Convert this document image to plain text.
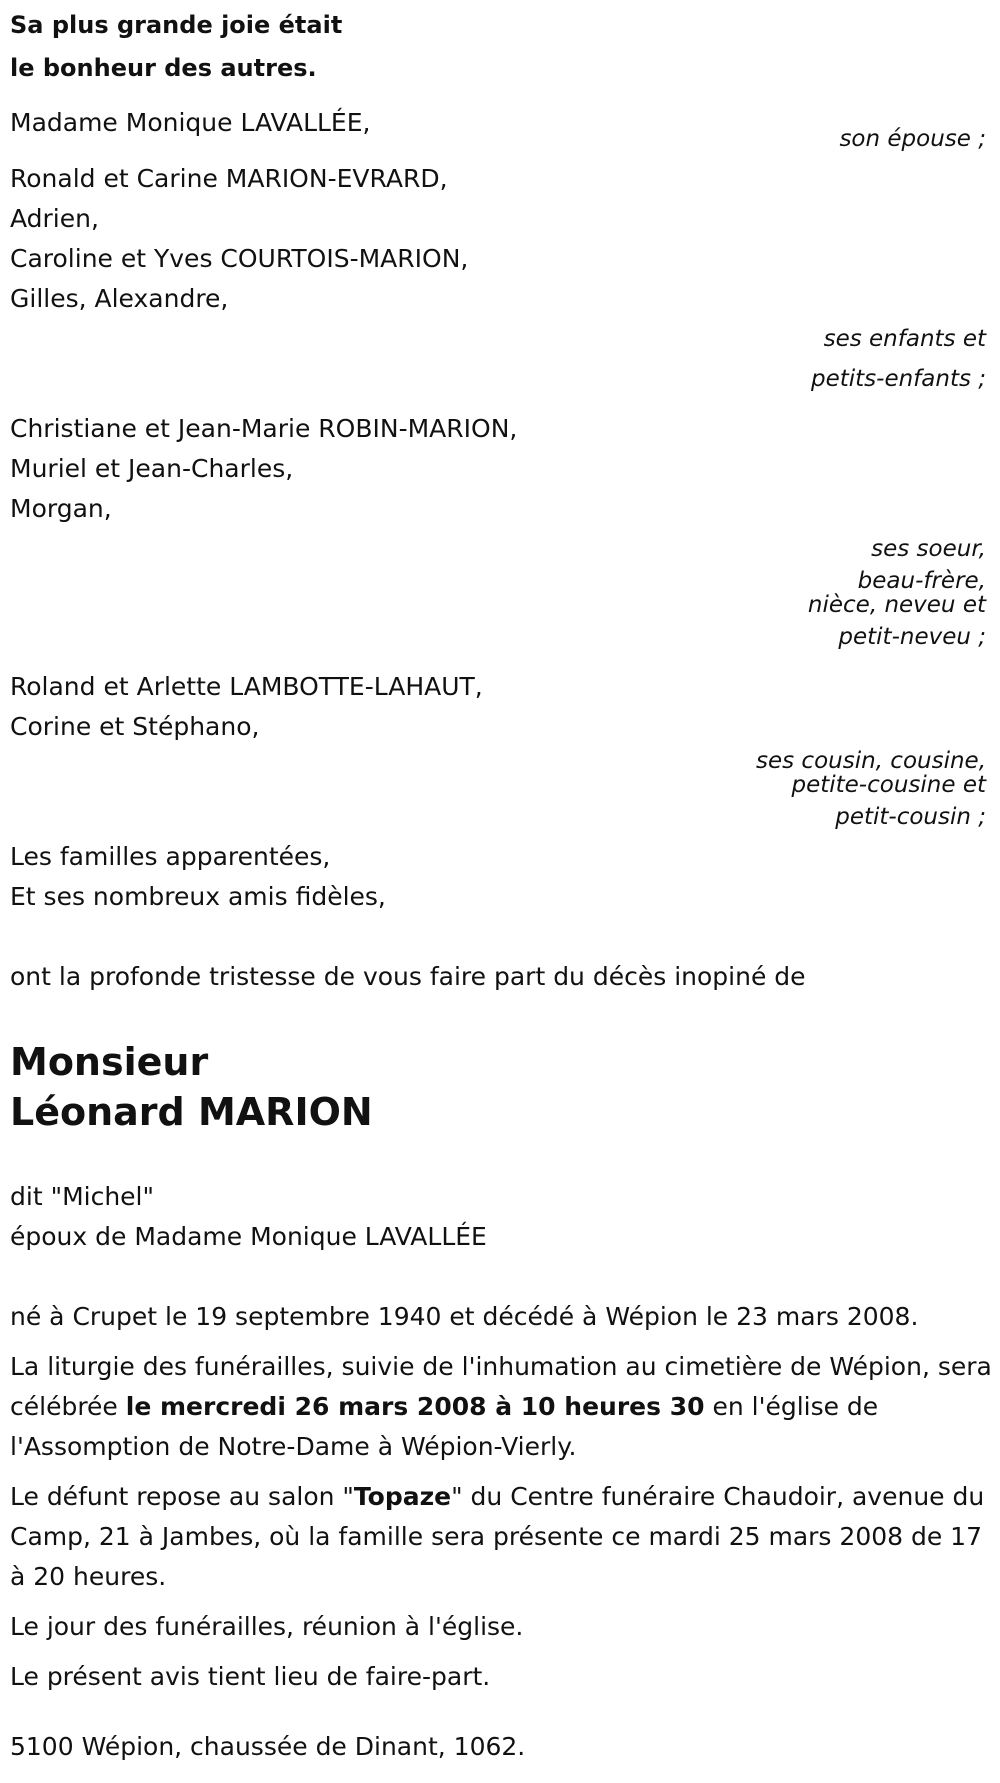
Sa plus grande joie était
le bonheur des autres.
Madame Monique LAVALLÉE,
son épouse ;
Ronald et Carine MARION-EVRARD,
Adrien,
Caroline et Yves COURTOIS-MARION,
Gilles, Alexandre,
ses enfants et
petits-enfants ;
Christiane et Jean-Marie ROBIN-MARION,
Muriel et Jean-Charles,
Morgan,
ses soeur,
beau-frère,
nièce, neveu et
petit-neveu ;
Roland et Arlette LAMBOTTE-LAHAUT,
Corine et Stéphano,
ses cousin, cousine,
petite-cousine et
petit-cousin ;
Les familles apparentées,
Et ses nombreux amis fidèles,
ont la profonde tristesse de vous faire part du décès inopiné de
Monsieur
Léonard MARION
dit "Michel"
époux de Madame Monique LAVALLÉE

né à Crupet le 19 septembre 1940 et décédé à Wépion le 23 mars 2008.

La liturgie des funérailles, suivie de l'inhumation au cimetière de Wépion, sera célébrée le mercredi 26 mars 2008 à 10 heures 30 en l'église de l'Assomption de Notre-Dame à Wépion-Vierly.

Le défunt repose au salon "Topaze" du Centre funéraire Chaudoir, avenue du Camp, 21 à Jambes, où la famille sera présente ce mardi 25 mars 2008 de 17 à 20 heures.

Le jour des funérailles, réunion à l'église.

Le présent avis tient lieu de faire-part.

5100 Wépion, chaussée de Dinant, 1062.
